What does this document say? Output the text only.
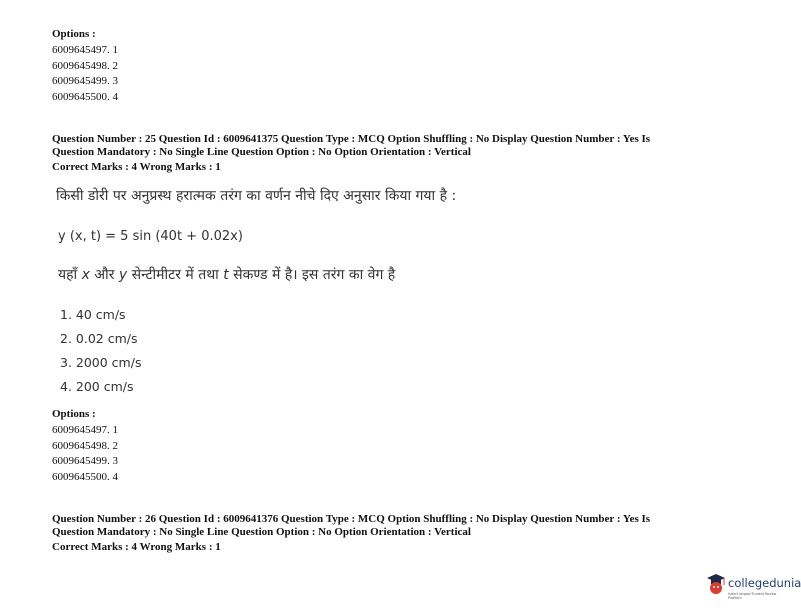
Options :
6009645497. 1
6009645498. 2
6009645499. 3
6009645500. 4
Question Number : 25 Question Id : 6009641375 Question Type : MCQ Option Shuffling : No Display Question Number : Yes Is
Question Mandatory : No Single Line Question Option : No Option Orientation : Vertical
Correct Marks : 4 Wrong Marks : 1
किसी डोरी पर अनुप्रस्थ हरात्मक तरंग का वर्णन नीचे दिए अनुसार किया गया है :
y (x, t) = 5 sin (40t + 0.02x)
यहाँ x और y सेन्टीमीटर में तथा t सेकण्ड में है। इस तरंग का वेग है
1. 40 cm/s
2. 0.02 cm/s
3. 2000 cm/s
4. 200 cm/s
Options :
6009645497. 1
6009645498. 2
6009645499. 3
6009645500. 4
Question Number : 26 Question Id : 6009641376 Question Type : MCQ Option Shuffling : No Display Question Number : Yes Is
Question Mandatory : No Single Line Question Option : No Option Orientation : Vertical
Correct Marks : 4 Wrong Marks : 1
collegedunia
India's largest Student Review Platform
